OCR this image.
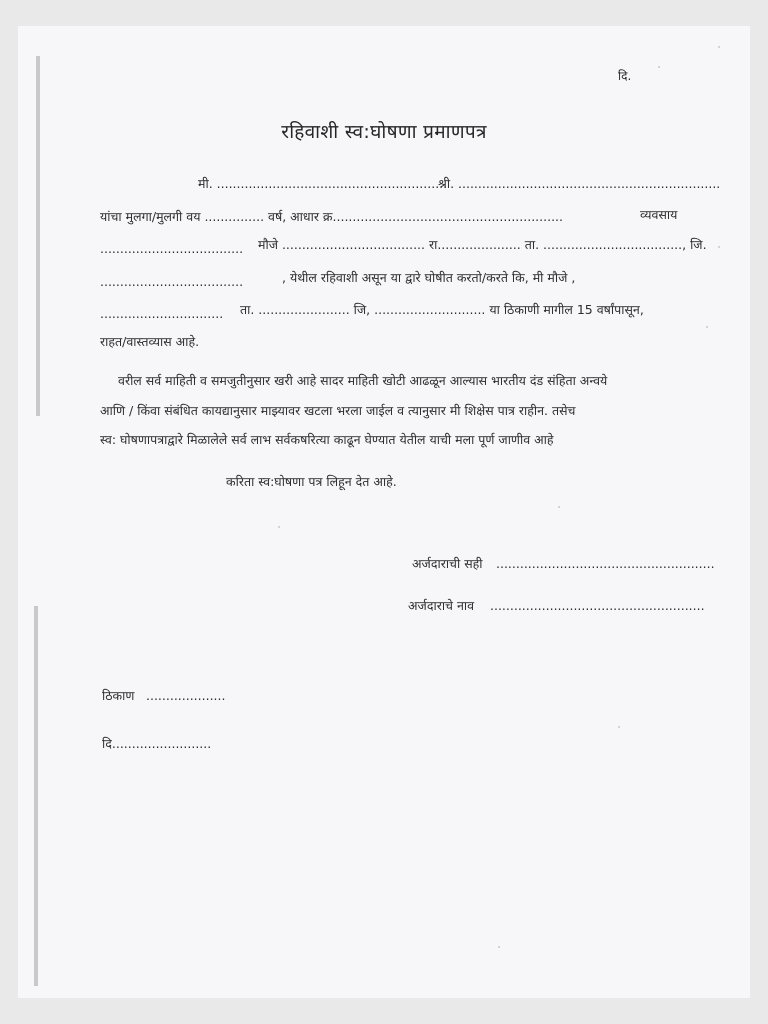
दि.
रहिवाशी स्व:घोषणा प्रमाणपत्र
मी. ..........................................................
श्री. ..................................................................
यांचा मुलगा/मुलगी वय ............... वर्ष, आधार क्र..........................................................	व्यवसाय
.................................... मौजे .................................... रा..................... ता. ..................................., जि.
....................................	, येथील रहिवाशी असून या द्वारे घोषीत करतो/करते कि, मी मौजे ,
............................... ता. ....................... जि, ............................ या ठिकाणी मागील 15 वर्षांपासून,
राहत/वास्तव्यास आहे.
वरील सर्व माहिती व समजुतीनुसार खरी आहे सादर माहिती खोटी आढळून आल्यास भारतीय दंड संहिता अन्वये
आणि / किंवा संबंधित कायद्यानुसार माझ्यावर खटला भरला जाईल व त्यानुसार मी शिक्षेस पात्र राहीन. तसेच
स्व: घोषणापत्राद्वारे मिळालेले सर्व लाभ सर्वकषरित्या काढून घेण्यात येतील याची मला पूर्ण जाणीव आहे
करिता स्व:घोषणा पत्र लिहून देत आहे.
अर्जदाराची सही .......................................................
अर्जदाराचे नाव ......................................................
ठिकाण ....................
दि.........................
